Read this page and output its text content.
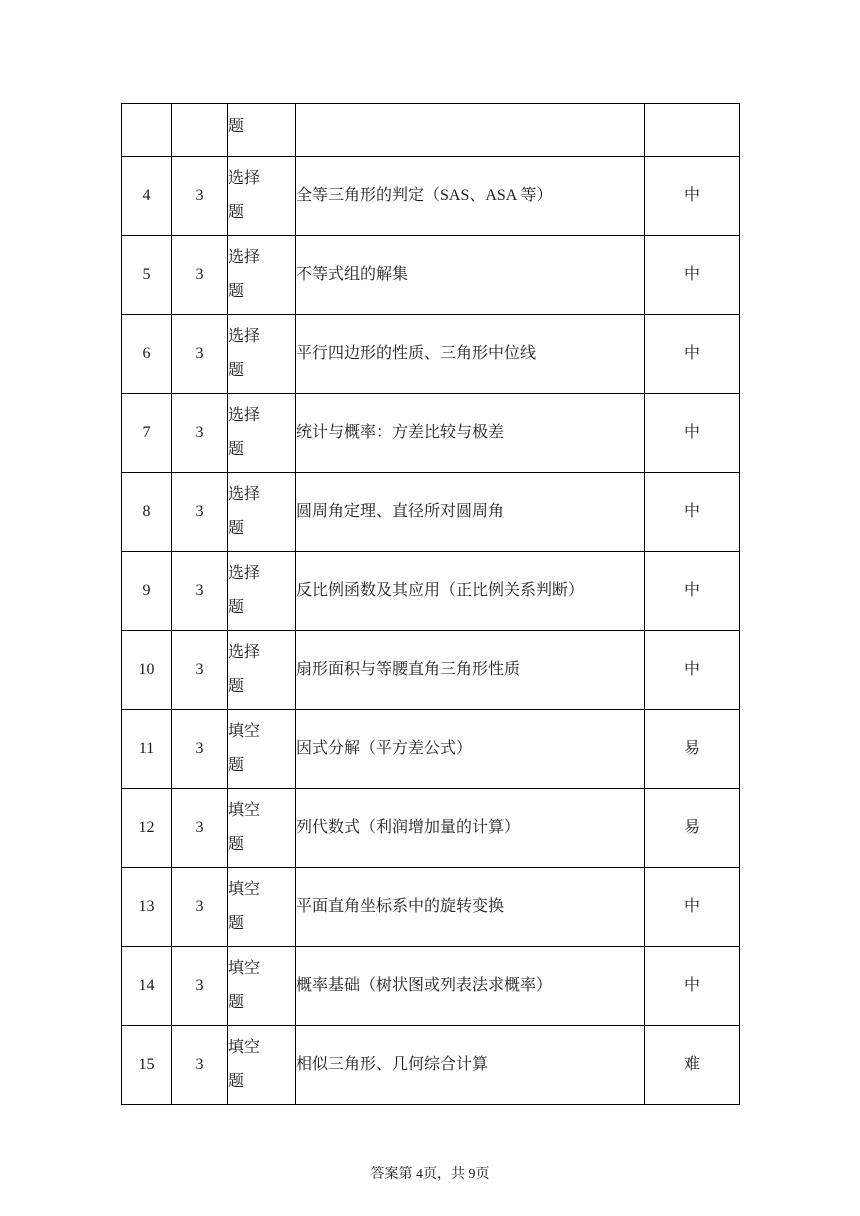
		题		

4	3	选择题	全等三角形的判定（SAS、ASA 等）	中
5	3	选择题	不等式组的解集	中
6	3	选择题	平行四边形的性质、三角形中位线	中
7	3	选择题	统计与概率：方差比较与极差	中
8	3	选择题	圆周角定理、直径所对圆周角	中
9	3	选择题	反比例函数及其应用（正比例关系判断）	中
10	3	选择题	扇形面积与等腰直角三角形性质	中
11	3	填空题	因式分解（平方差公式）	易
12	3	填空题	列代数式（利润增加量的计算）	易
13	3	填空题	平面直角坐标系中的旋转变换	中
14	3	填空题	概率基础（树状图或列表法求概率）	中
15	3	填空题	相似三角形、几何综合计算	难
答案第 4页，共 9页
